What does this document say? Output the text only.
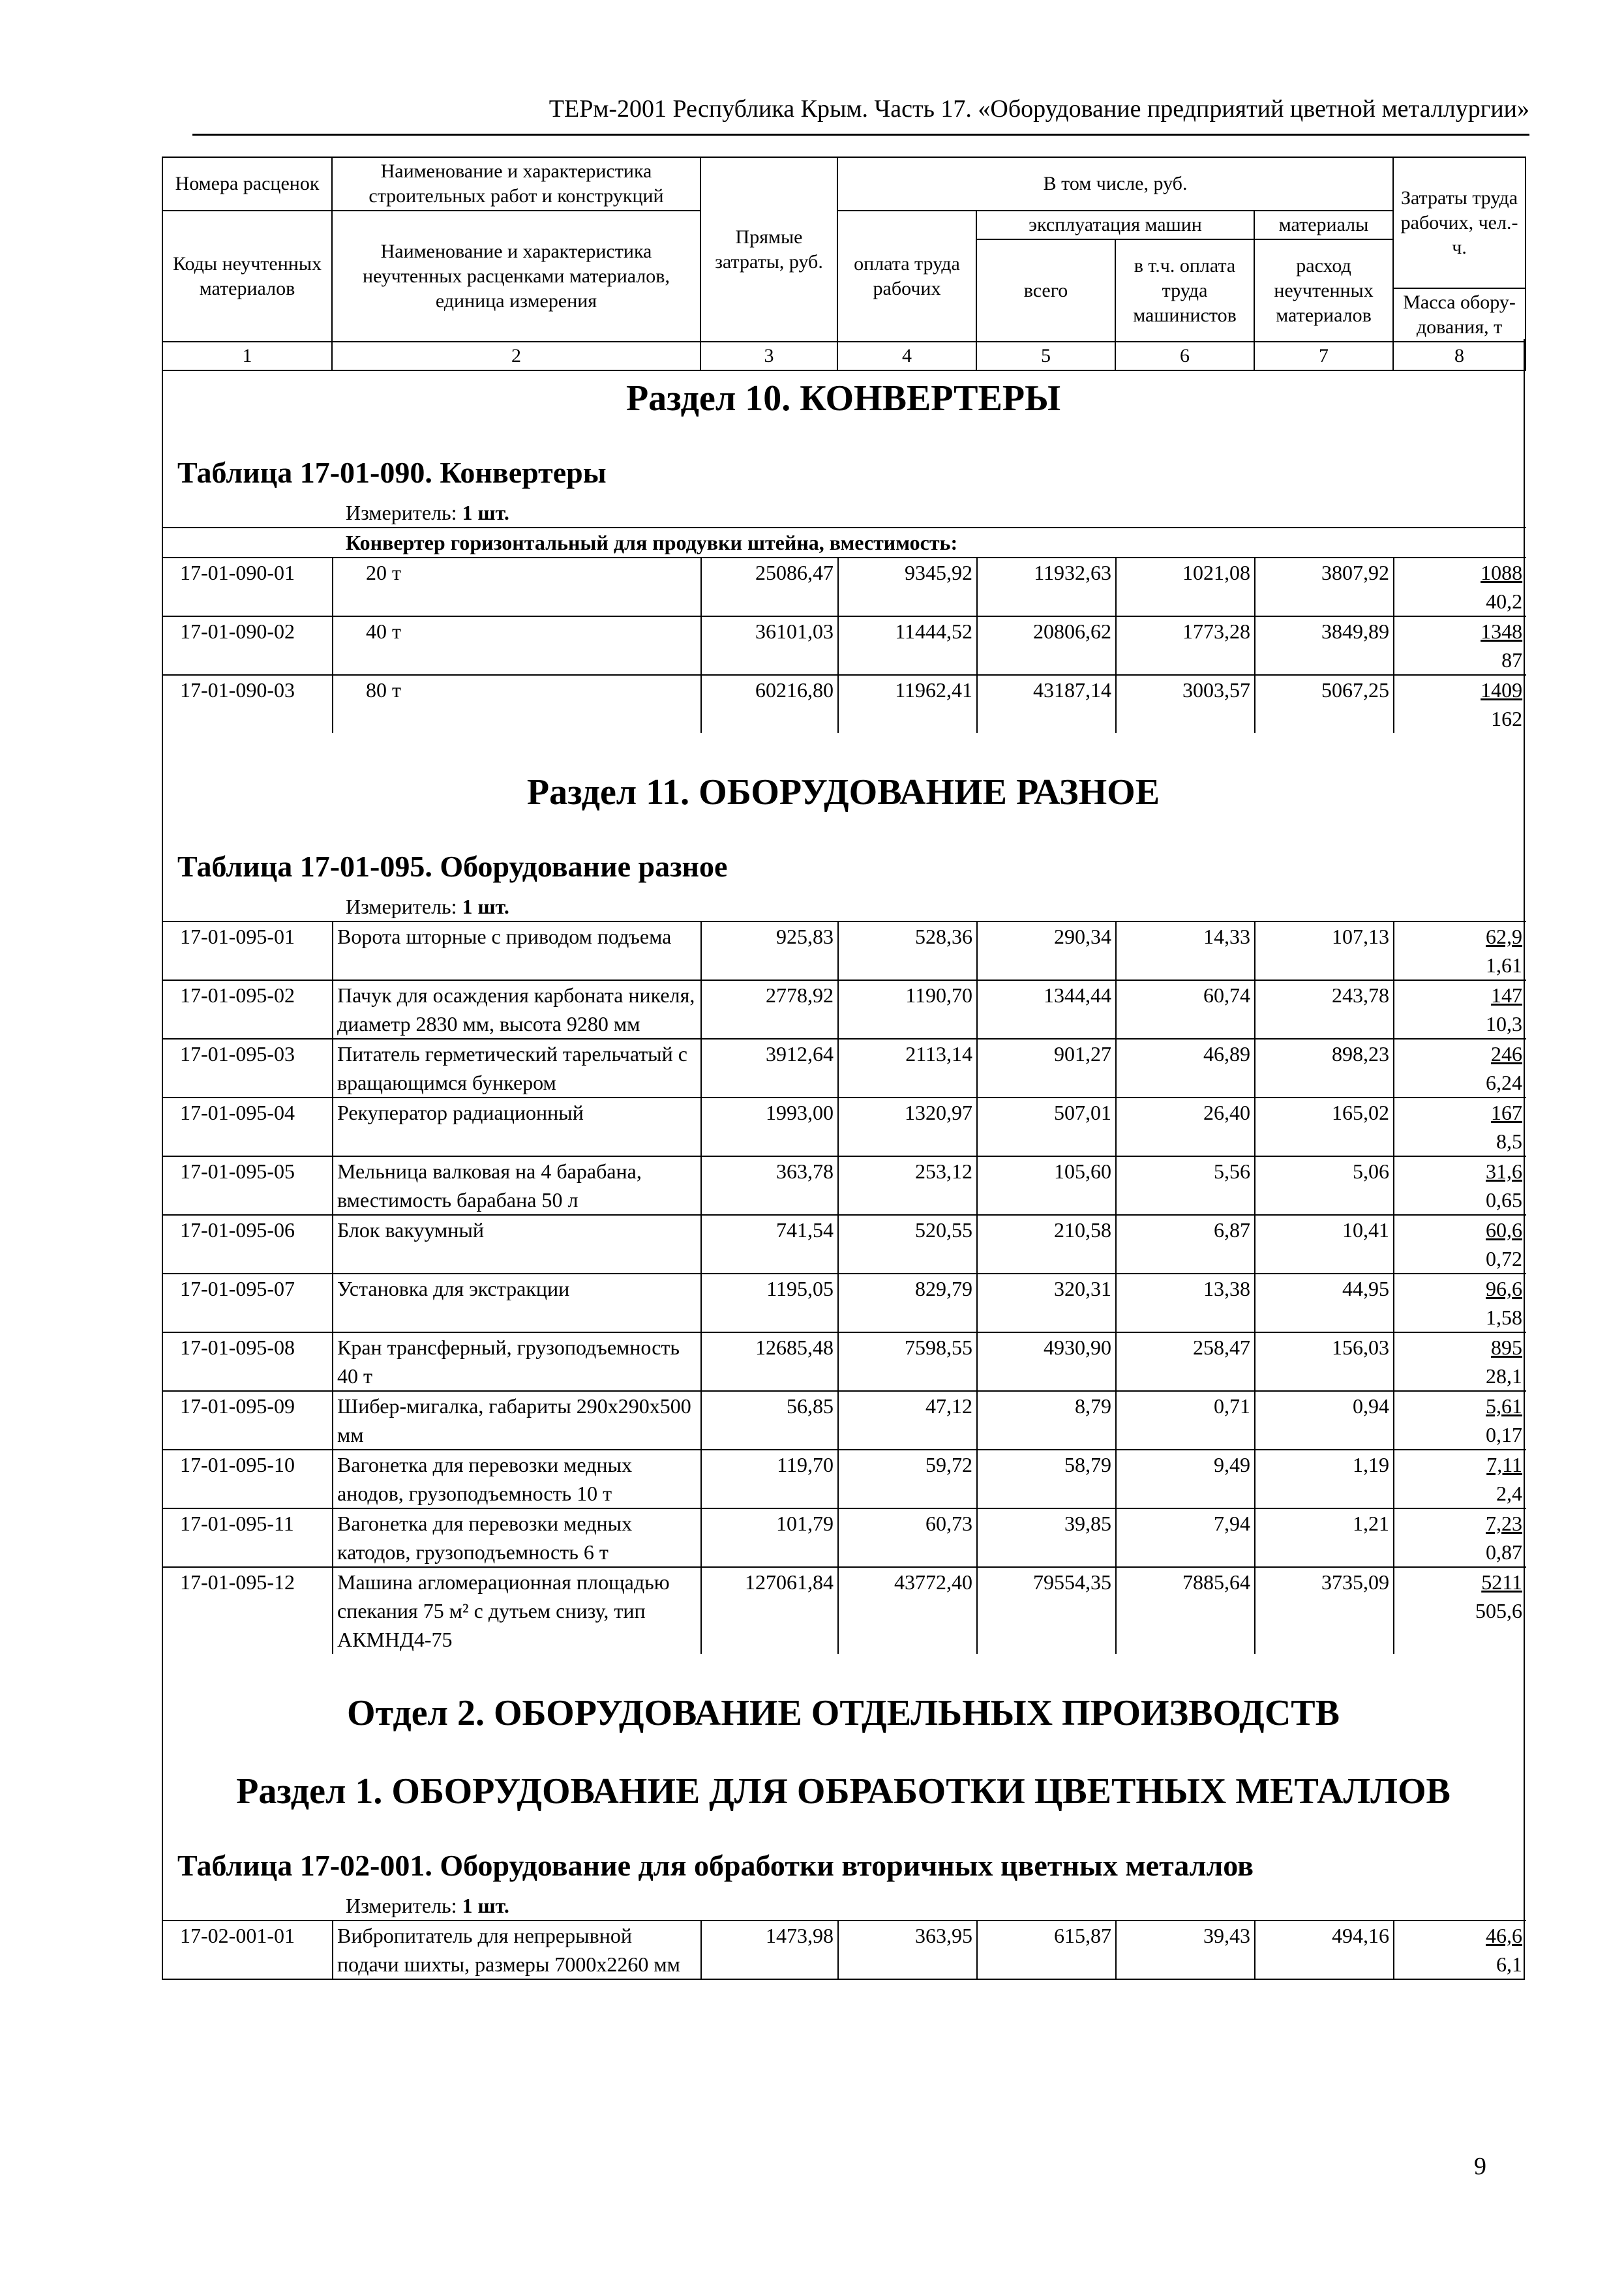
ТЕРм-2001 Республика Крым. Часть 17. «Оборудование предприятий цветной металлургии»
Номера расценок	Наименование и характеристика строительных работ и конструкций	Прямые затраты, руб.	В том числе, руб.				Затраты труда рабочих, чел.-ч.
Коды неучтенных материалов	Наименование и характеристика неучтенных расценками материалов, единица измерения		оплата труда рабочих	эксплуатация машин		материалы	
				всего	в т.ч. оплата труда машинистов	расход неучтенных материалов	
							Масса обору-дования, т
1	2	3	4	5	6	7	8
Раздел 10. КОНВЕРТЕРЫ
Таблица 17-01-090. Конвертеры
Измеритель: 1 шт.
Конвертер горизонтальный для продувки штейна, вместимость:							
17-01-090-01	20 т	25086,47	9345,92	11932,63	1021,08	3807,92	1088
40,2

17-01-090-02	40 т	36101,03	11444,52	20806,62	1773,28	3849,89	1348
87

17-01-090-03	80 т	60216,80	11962,41	43187,14	3003,57	5067,25	1409
162
Раздел 11. ОБОРУДОВАНИЕ РАЗНОЕ
Таблица 17-01-095. Оборудование разное
Измеритель: 1 шт.
17-01-095-01	Ворота шторные с приводом подъема	925,83	528,36	290,34	14,33	107,13	62,9
1,61

17-01-095-02	Пачук для осаждения карбоната никеля, диаметр 2830 мм, высота 9280 мм	2778,92	1190,70	1344,44	60,74	243,78	147
10,3

17-01-095-03	Питатель герметический тарельчатый с вращающимся бункером	3912,64	2113,14	901,27	46,89	898,23	246
6,24

17-01-095-04	Рекуператор радиационный	1993,00	1320,97	507,01	26,40	165,02	167
8,5

17-01-095-05	Мельница валковая на 4 барабана, вместимость барабана 50 л	363,78	253,12	105,60	5,56	5,06	31,6
0,65

17-01-095-06	Блок вакуумный	741,54	520,55	210,58	6,87	10,41	60,6
0,72

17-01-095-07	Установка для экстракции	1195,05	829,79	320,31	13,38	44,95	96,6
1,58

17-01-095-08	Кран трансферный, грузоподъемность 40 т	12685,48	7598,55	4930,90	258,47	156,03	895
28,1

17-01-095-09	Шибер-мигалка, габариты 290х290х500 мм	56,85	47,12	8,79	0,71	0,94	5,61
0,17

17-01-095-10	Вагонетка для перевозки медных анодов, грузоподъемность 10 т	119,70	59,72	58,79	9,49	1,19	7,11
2,4

17-01-095-11	Вагонетка для перевозки медных катодов, грузоподъемность 6 т	101,79	60,73	39,85	7,94	1,21	7,23
0,87

17-01-095-12	Машина агломерационная площадью спекания 75 м² с дутьем снизу, тип АКМНД4-75	127061,84	43772,40	79554,35	7885,64	3735,09	5211
505,6
Отдел 2. ОБОРУДОВАНИЕ ОТДЕЛЬНЫХ ПРОИЗВОДСТВ
Раздел 1. ОБОРУДОВАНИЕ ДЛЯ ОБРАБОТКИ ЦВЕТНЫХ МЕТАЛЛОВ
Таблица 17-02-001. Оборудование для обработки вторичных цветных металлов
Измеритель: 1 шт.
17-02-001-01	Вибропитатель для непрерывной подачи шихты, размеры 7000х2260 мм	1473,98	363,95	615,87	39,43	494,16	46,6
6,1
9
